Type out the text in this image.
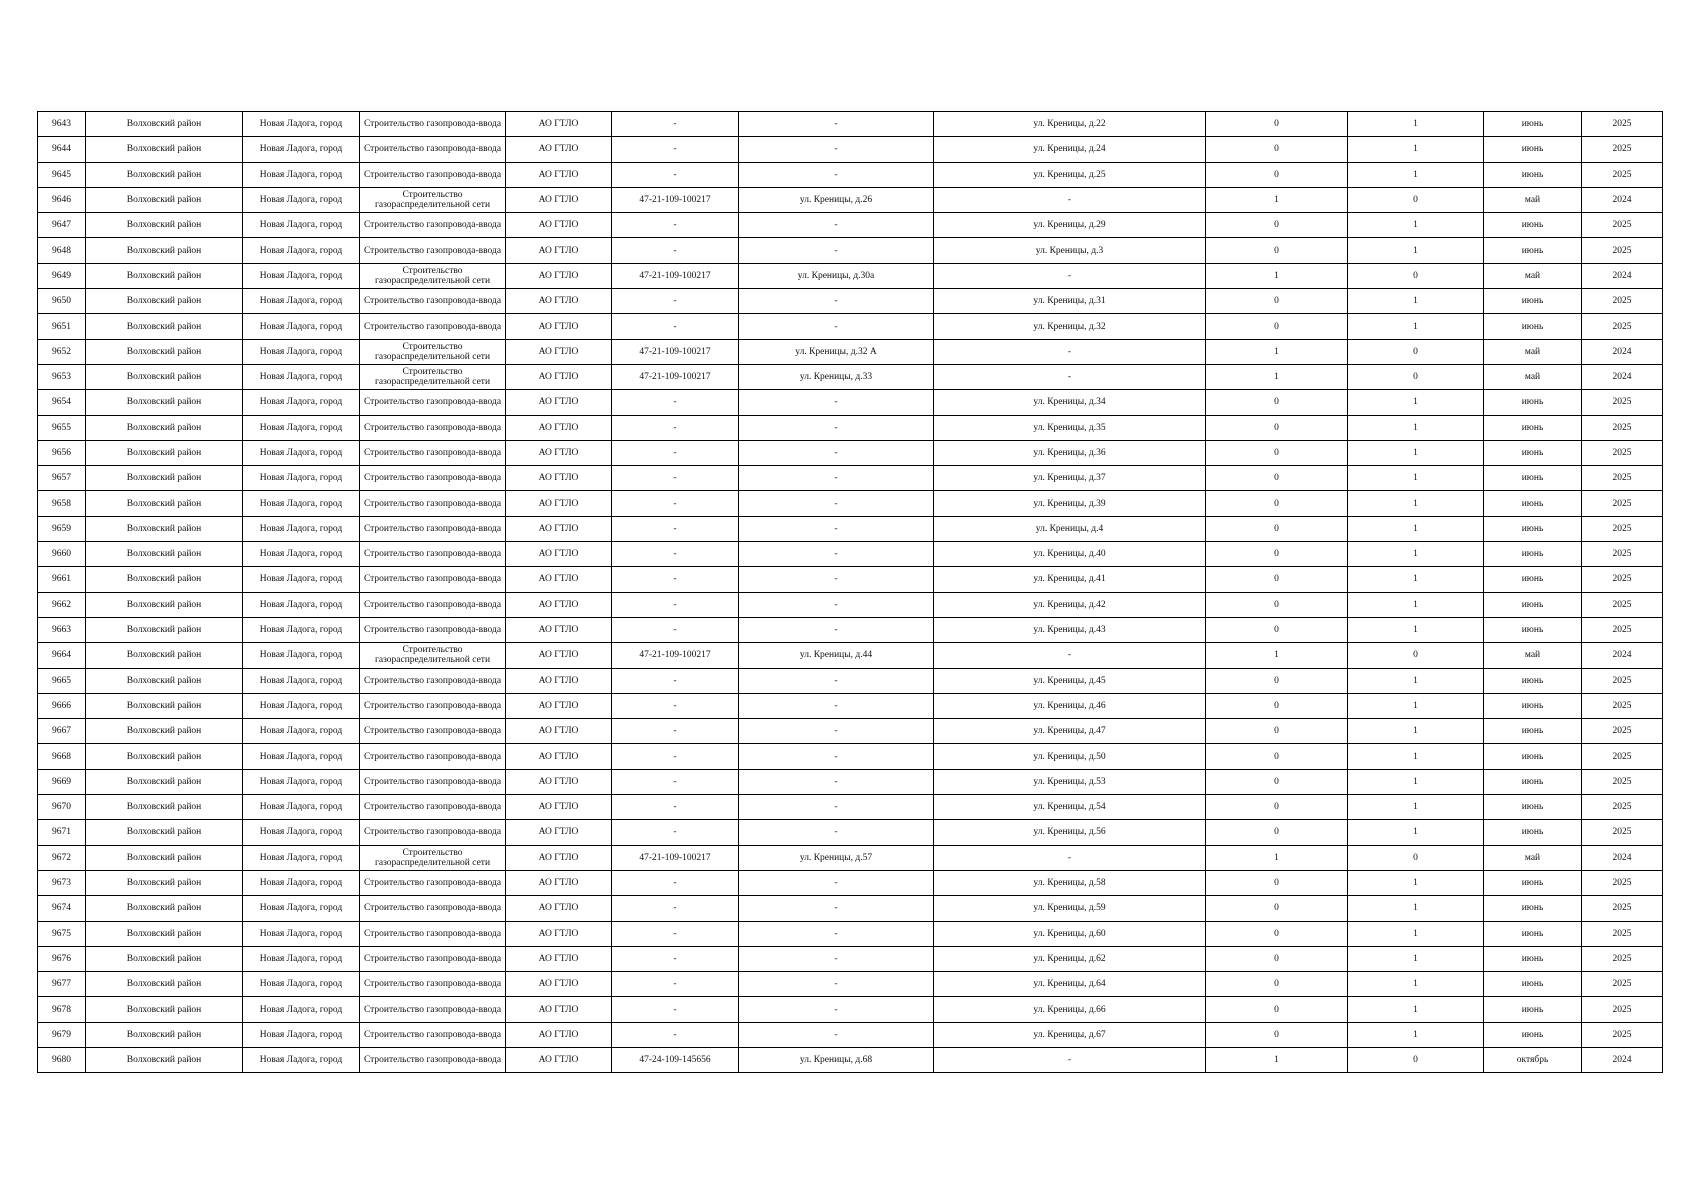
9643	Волховский район	Новая Ладога, город	Строительство газопровода-ввода	АО ГТЛО	-	-	ул. Креницы, д.22	0	1	июнь	2025
9644	Волховский район	Новая Ладога, город	Строительство газопровода-ввода	АО ГТЛО	-	-	ул. Креницы, д.24	0	1	июнь	2025
9645	Волховский район	Новая Ладога, город	Строительство газопровода-ввода	АО ГТЛО	-	-	ул. Креницы, д.25	0	1	июнь	2025
9646	Волховский район	Новая Ладога, город	Строительство газораспределительной сети	АО ГТЛО	47-21-109-100217	ул. Креницы, д.26	-	1	0	май	2024
9647	Волховский район	Новая Ладога, город	Строительство газопровода-ввода	АО ГТЛО	-	-	ул. Креницы, д.29	0	1	июнь	2025
9648	Волховский район	Новая Ладога, город	Строительство газопровода-ввода	АО ГТЛО	-	-	ул. Креницы, д.3	0	1	июнь	2025
9649	Волховский район	Новая Ладога, город	Строительство газораспределительной сети	АО ГТЛО	47-21-109-100217	ул. Креницы, д.30а	-	1	0	май	2024
9650	Волховский район	Новая Ладога, город	Строительство газопровода-ввода	АО ГТЛО	-	-	ул. Креницы, д.31	0	1	июнь	2025
9651	Волховский район	Новая Ладога, город	Строительство газопровода-ввода	АО ГТЛО	-	-	ул. Креницы, д.32	0	1	июнь	2025
9652	Волховский район	Новая Ладога, город	Строительство газораспределительной сети	АО ГТЛО	47-21-109-100217	ул. Креницы, д.32 А	-	1	0	май	2024
9653	Волховский район	Новая Ладога, город	Строительство газораспределительной сети	АО ГТЛО	47-21-109-100217	ул. Креницы, д.33	-	1	0	май	2024
9654	Волховский район	Новая Ладога, город	Строительство газопровода-ввода	АО ГТЛО	-	-	ул. Креницы, д.34	0	1	июнь	2025
9655	Волховский район	Новая Ладога, город	Строительство газопровода-ввода	АО ГТЛО	-	-	ул. Креницы, д.35	0	1	июнь	2025
9656	Волховский район	Новая Ладога, город	Строительство газопровода-ввода	АО ГТЛО	-	-	ул. Креницы, д.36	0	1	июнь	2025
9657	Волховский район	Новая Ладога, город	Строительство газопровода-ввода	АО ГТЛО	-	-	ул. Креницы, д.37	0	1	июнь	2025
9658	Волховский район	Новая Ладога, город	Строительство газопровода-ввода	АО ГТЛО	-	-	ул. Креницы, д.39	0	1	июнь	2025
9659	Волховский район	Новая Ладога, город	Строительство газопровода-ввода	АО ГТЛО	-	-	ул. Креницы, д.4	0	1	июнь	2025
9660	Волховский район	Новая Ладога, город	Строительство газопровода-ввода	АО ГТЛО	-	-	ул. Креницы, д.40	0	1	июнь	2025
9661	Волховский район	Новая Ладога, город	Строительство газопровода-ввода	АО ГТЛО	-	-	ул. Креницы, д.41	0	1	июнь	2025
9662	Волховский район	Новая Ладога, город	Строительство газопровода-ввода	АО ГТЛО	-	-	ул. Креницы, д.42	0	1	июнь	2025
9663	Волховский район	Новая Ладога, город	Строительство газопровода-ввода	АО ГТЛО	-	-	ул. Креницы, д.43	0	1	июнь	2025
9664	Волховский район	Новая Ладога, город	Строительство газораспределительной сети	АО ГТЛО	47-21-109-100217	ул. Креницы, д.44	-	1	0	май	2024
9665	Волховский район	Новая Ладога, город	Строительство газопровода-ввода	АО ГТЛО	-	-	ул. Креницы, д.45	0	1	июнь	2025
9666	Волховский район	Новая Ладога, город	Строительство газопровода-ввода	АО ГТЛО	-	-	ул. Креницы, д.46	0	1	июнь	2025
9667	Волховский район	Новая Ладога, город	Строительство газопровода-ввода	АО ГТЛО	-	-	ул. Креницы, д.47	0	1	июнь	2025
9668	Волховский район	Новая Ладога, город	Строительство газопровода-ввода	АО ГТЛО	-	-	ул. Креницы, д.50	0	1	июнь	2025
9669	Волховский район	Новая Ладога, город	Строительство газопровода-ввода	АО ГТЛО	-	-	ул. Креницы, д.53	0	1	июнь	2025
9670	Волховский район	Новая Ладога, город	Строительство газопровода-ввода	АО ГТЛО	-	-	ул. Креницы, д.54	0	1	июнь	2025
9671	Волховский район	Новая Ладога, город	Строительство газопровода-ввода	АО ГТЛО	-	-	ул. Креницы, д.56	0	1	июнь	2025
9672	Волховский район	Новая Ладога, город	Строительство газораспределительной сети	АО ГТЛО	47-21-109-100217	ул. Креницы, д.57	-	1	0	май	2024
9673	Волховский район	Новая Ладога, город	Строительство газопровода-ввода	АО ГТЛО	-	-	ул. Креницы, д.58	0	1	июнь	2025
9674	Волховский район	Новая Ладога, город	Строительство газопровода-ввода	АО ГТЛО	-	-	ул. Креницы, д.59	0	1	июнь	2025
9675	Волховский район	Новая Ладога, город	Строительство газопровода-ввода	АО ГТЛО	-	-	ул. Креницы, д.60	0	1	июнь	2025
9676	Волховский район	Новая Ладога, город	Строительство газопровода-ввода	АО ГТЛО	-	-	ул. Креницы, д.62	0	1	июнь	2025
9677	Волховский район	Новая Ладога, город	Строительство газопровода-ввода	АО ГТЛО	-	-	ул. Креницы, д.64	0	1	июнь	2025
9678	Волховский район	Новая Ладога, город	Строительство газопровода-ввода	АО ГТЛО	-	-	ул. Креницы, д.66	0	1	июнь	2025
9679	Волховский район	Новая Ладога, город	Строительство газопровода-ввода	АО ГТЛО	-	-	ул. Креницы, д.67	0	1	июнь	2025
9680	Волховский район	Новая Ладога, город	Строительство газопровода-ввода	АО ГТЛО	47-24-109-145656	ул. Креницы, д.68	-	1	0	октябрь	2024
